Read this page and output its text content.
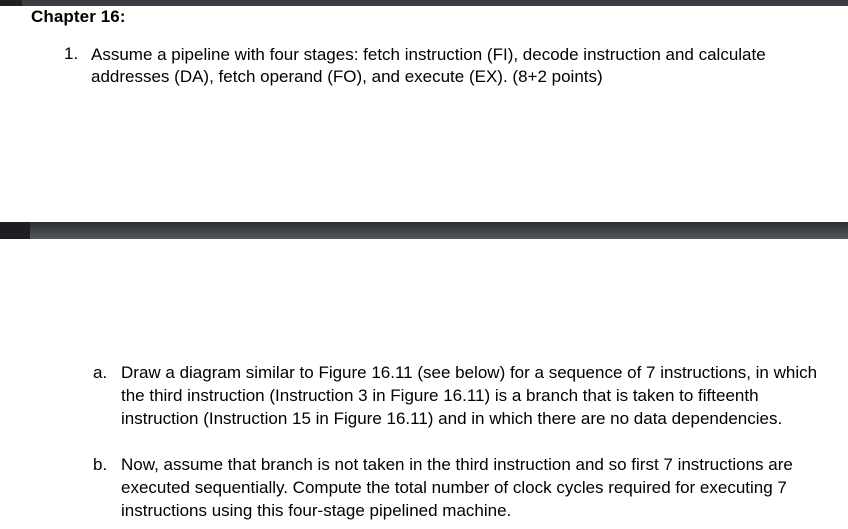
Chapter 16:
1. Assume a pipeline with four stages: fetch instruction (FI), decode instruction and calculate addresses (DA), fetch operand (FO), and execute (EX). (8+2 points)
a. Draw a diagram similar to Figure 16.11 (see below) for a sequence of 7 instructions, in which the third instruction (Instruction 3 in Figure 16.11) is a branch that is taken to fifteenth instruction (Instruction 15 in Figure 16.11) and in which there are no data dependencies.
b. Now, assume that branch is not taken in the third instruction and so first 7 instructions are executed sequentially. Compute the total number of clock cycles required for executing 7 instructions using this four-stage pipelined machine.
